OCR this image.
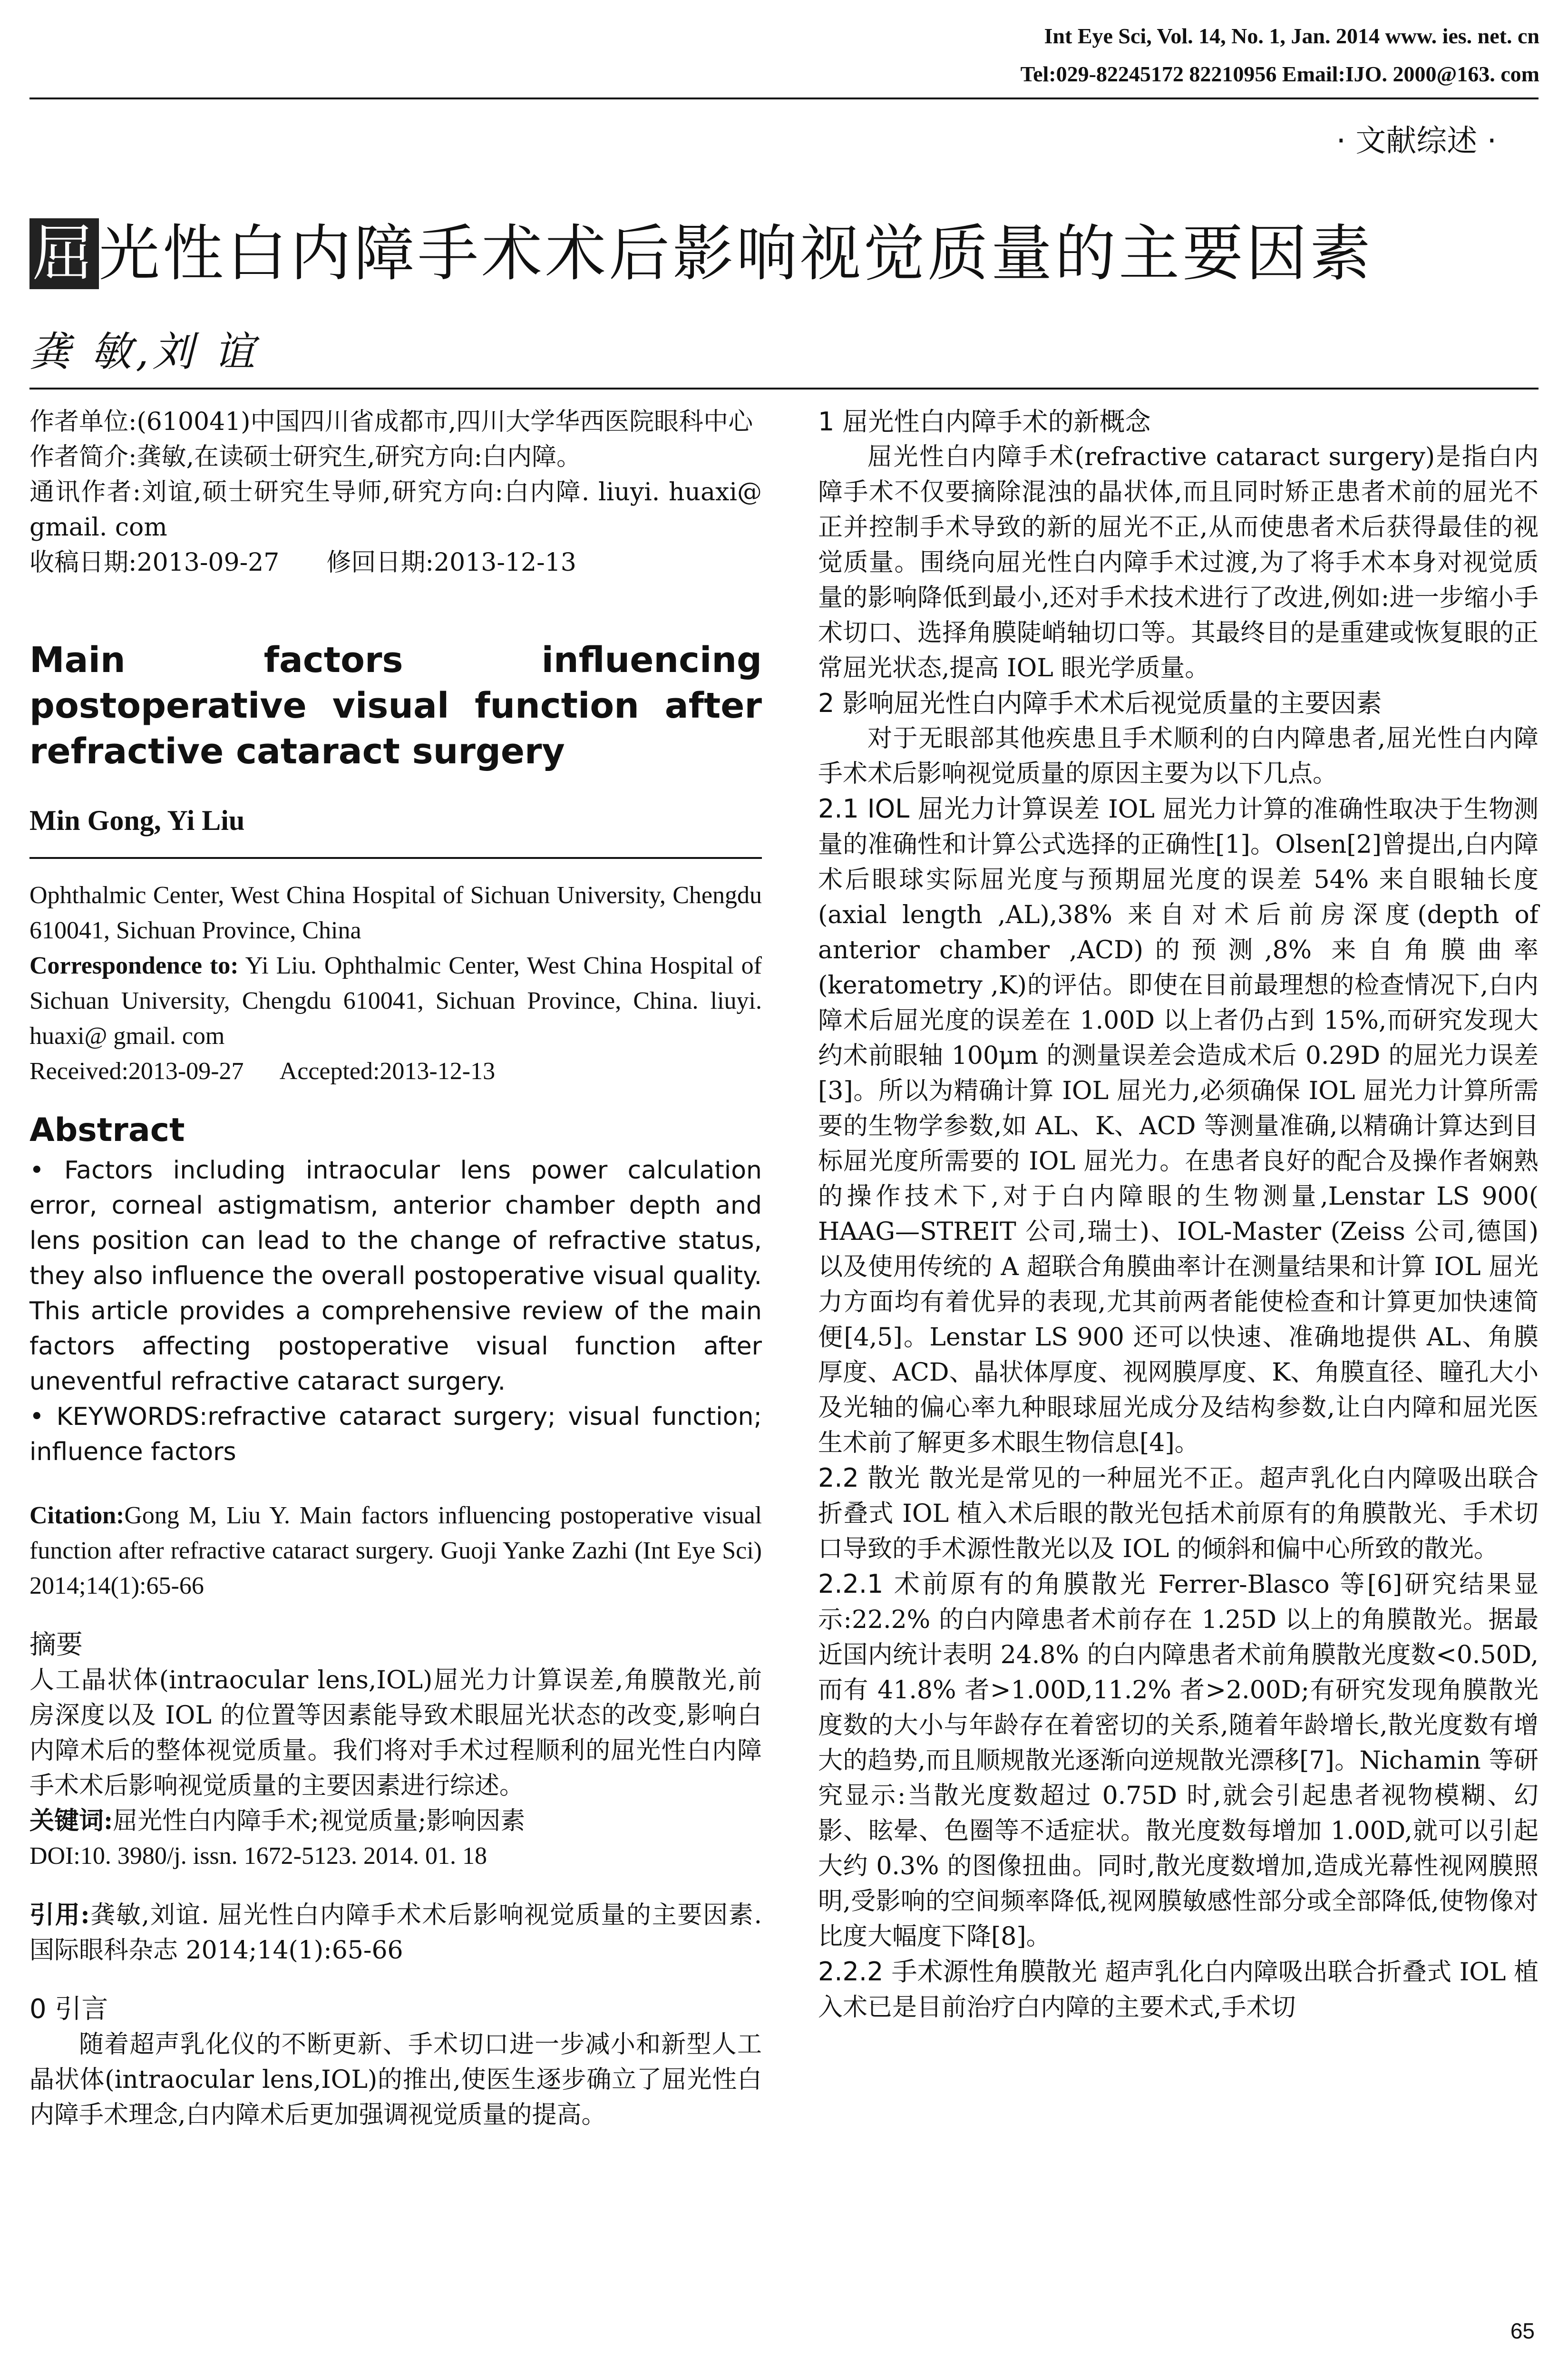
Int Eye Sci, Vol. 14, No. 1, Jan. 2014 www. ies. net. cn
Tel:029-82245172 82210956 Email:IJO. 2000@163. com
· 文献综述 ·
屈光性白内障手术术后影响视觉质量的主要因素
龚 敏,刘 谊

作者单位:(610041)中国四川省成都市,四川大学华西医院眼科中心

作者简介:龚敏,在读硕士研究生,研究方向:白内障。

通讯作者:刘谊,硕士研究生导师,研究方向:白内障. liuyi. huaxi@ gmail. com

收稿日期:2013-09-27      修回日期:2013-12-13

Main factors influencing postoperative visual function after refractive cataract surgery
Min Gong, Yi Liu

Ophthalmic Center, West China Hospital of Sichuan University, Chengdu 610041, Sichuan Province, China

Correspondence to: Yi Liu. Ophthalmic Center, West China Hospital of Sichuan University, Chengdu 610041, Sichuan Province, China. liuyi. huaxi@ gmail. com

Received:2013-09-27      Accepted:2013-12-13

Abstract

• Factors including intraocular lens power calculation error, corneal astigmatism, anterior chamber depth and lens position can lead to the change of refractive status, they also influence the overall postoperative visual quality. This article provides a comprehensive review of the main factors affecting postoperative visual function after uneventful refractive cataract surgery.

• KEYWORDS:refractive cataract surgery; visual function; influence factors

Citation:Gong M, Liu Y. Main factors influencing postoperative visual function after refractive cataract surgery. Guoji Yanke Zazhi (Int Eye Sci) 2014;14(1):65-66

摘要

人工晶状体(intraocular lens,IOL)屈光力计算误差,角膜散光,前房深度以及 IOL 的位置等因素能导致术眼屈光状态的改变,影响白内障术后的整体视觉质量。我们将对手术过程顺利的屈光性白内障手术术后影响视觉质量的主要因素进行综述。

关键词:屈光性白内障手术;视觉质量;影响因素

DOI:10. 3980/j. issn. 1672-5123. 2014. 01. 18

引用:龚敏,刘谊. 屈光性白内障手术术后影响视觉质量的主要因素. 国际眼科杂志 2014;14(1):65-66

0 引言

随着超声乳化仪的不断更新、手术切口进一步减小和新型人工晶状体(intraocular lens,IOL)的推出,使医生逐步确立了屈光性白内障手术理念,白内障术后更加强调视觉质量的提高。

1 屈光性白内障手术的新概念

屈光性白内障手术(refractive cataract surgery)是指白内障手术不仅要摘除混浊的晶状体,而且同时矫正患者术前的屈光不正并控制手术导致的新的屈光不正,从而使患者术后获得最佳的视觉质量。围绕向屈光性白内障手术过渡,为了将手术本身对视觉质量的影响降低到最小,还对手术技术进行了改进,例如:进一步缩小手术切口、选择角膜陡峭轴切口等。其最终目的是重建或恢复眼的正常屈光状态,提高 IOL 眼光学质量。

2 影响屈光性白内障手术术后视觉质量的主要因素

对于无眼部其他疾患且手术顺利的白内障患者,屈光性白内障手术术后影响视觉质量的原因主要为以下几点。

2.1 IOL 屈光力计算误差 IOL 屈光力计算的准确性取决于生物测量的准确性和计算公式选择的正确性[1]。Olsen[2]曾提出,白内障术后眼球实际屈光度与预期屈光度的误差 54% 来自眼轴长度(axial length ,AL),38% 来自对术后前房深度(depth of anterior chamber ,ACD)的预测,8% 来自角膜曲率(keratometry ,K)的评估。即使在目前最理想的检查情况下,白内障术后屈光度的误差在 1.00D 以上者仍占到 15%,而研究发现大约术前眼轴 100μm 的测量误差会造成术后 0.29D 的屈光力误差[3]。所以为精确计算 IOL 屈光力,必须确保 IOL 屈光力计算所需要的生物学参数,如 AL、K、ACD 等测量准确,以精确计算达到目标屈光度所需要的 IOL 屈光力。在患者良好的配合及操作者娴熟的操作技术下,对于白内障眼的生物测量,Lenstar LS 900( HAAG—STREIT 公司,瑞士)、IOL-Master (Zeiss 公司,德国)以及使用传统的 A 超联合角膜曲率计在测量结果和计算 IOL 屈光力方面均有着优异的表现,尤其前两者能使检查和计算更加快速简便[4,5]。Lenstar LS 900 还可以快速、准确地提供 AL、角膜厚度、ACD、晶状体厚度、视网膜厚度、K、角膜直径、瞳孔大小及光轴的偏心率九种眼球屈光成分及结构参数,让白内障和屈光医生术前了解更多术眼生物信息[4]。

2.2 散光 散光是常见的一种屈光不正。超声乳化白内障吸出联合折叠式 IOL 植入术后眼的散光包括术前原有的角膜散光、手术切口导致的手术源性散光以及 IOL 的倾斜和偏中心所致的散光。

2.2.1 术前原有的角膜散光 Ferrer-Blasco 等[6]研究结果显示:22.2% 的白内障患者术前存在 1.25D 以上的角膜散光。据最近国内统计表明 24.8% 的白内障患者术前角膜散光度数<0.50D,而有 41.8% 者>1.00D,11.2% 者>2.00D;有研究发现角膜散光度数的大小与年龄存在着密切的关系,随着年龄增长,散光度数有增大的趋势,而且顺规散光逐渐向逆规散光漂移[7]。Nichamin 等研究显示:当散光度数超过 0.75D 时,就会引起患者视物模糊、幻影、眩晕、色圈等不适症状。散光度数每增加 1.00D,就可以引起大约 0.3% 的图像扭曲。同时,散光度数增加,造成光幕性视网膜照明,受影响的空间频率降低,视网膜敏感性部分或全部降低,使物像对比度大幅度下降[8]。

2.2.2 手术源性角膜散光 超声乳化白内障吸出联合折叠式 IOL 植入术已是目前治疗白内障的主要术式,手术切

65
